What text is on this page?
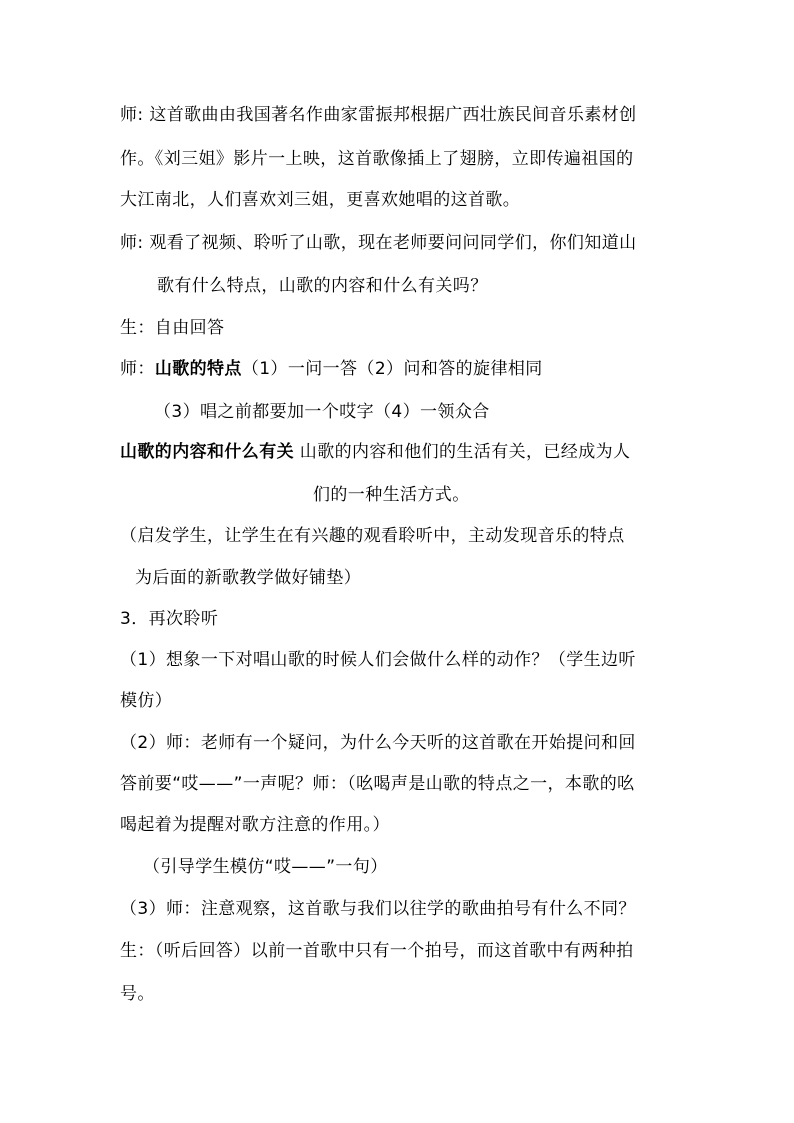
师: 这首歌曲由我国著名作曲家雷振邦根据广西壮族民间音乐素材创
作。《刘三姐》影片一上映，这首歌像插上了翅膀，立即传遍祖国的
大江南北，人们喜欢刘三姐，更喜欢她唱的这首歌。
师: 观看了视频、聆听了山歌，现在老师要问问同学们，你们知道山
歌有什么特点，山歌的内容和什么有关吗？
生：自由回答
师：山歌的特点（1）一问一答（2）问和答的旋律相同
（3）唱之前都要加一个哎字（4）一领众合
山歌的内容和什么有关 山歌的内容和他们的生活有关，已经成为人
们的一种生活方式。
（启发学生，让学生在有兴趣的观看聆听中，主动发现音乐的特点
为后面的新歌教学做好铺垫）
3．再次聆听
（1）想象一下对唱山歌的时候人们会做什么样的动作？（学生边听
模仿）
（2）师：老师有一个疑问，为什么今天听的这首歌在开始提问和回
答前要“哎——”一声呢？师：（吆喝声是山歌的特点之一，本歌的吆
喝起着为提醒对歌方注意的作用。）
（引导学生模仿“哎——”一句）
（3）师：注意观察，这首歌与我们以往学的歌曲拍号有什么不同？
生：（听后回答）以前一首歌中只有一个拍号，而这首歌中有两种拍
号。
